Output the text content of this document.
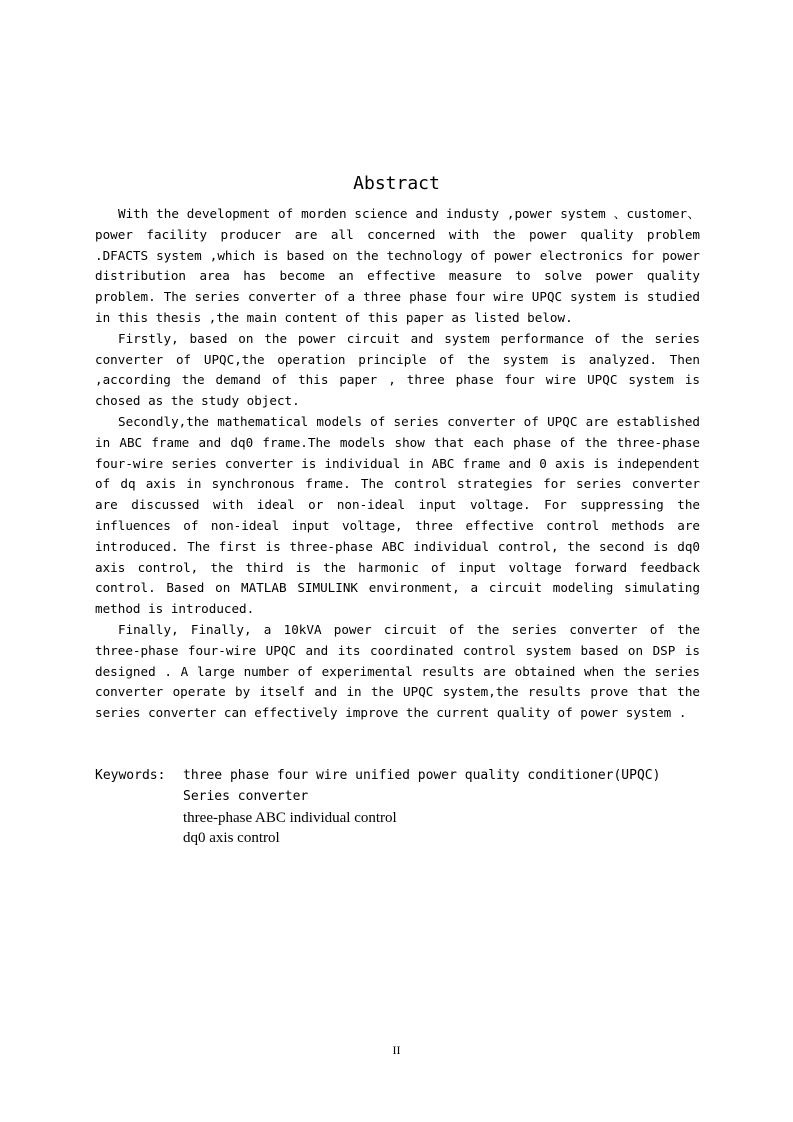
Abstract

With the development of morden science and industy ,power system 、customer、power facility producer are all concerned with the power quality problem .DFACTS system ,which is based on the technology of power electronics for power distribution area has become an effective measure to solve power quality problem. The series converter of a three phase four wire UPQC system is studied in this thesis ,the main content of this paper as listed below.

Firstly, based on the power circuit and system performance of the series converter of UPQC,the operation principle of the system is analyzed. Then ,according the demand of this paper , three phase four wire UPQC system is chosed as the study object.

Secondly,the mathematical models of series converter of UPQC are established in ABC frame and dq0 frame.The models show that each phase of the three-phase four-wire series converter is individual in ABC frame and 0 axis is independent of dq axis in synchronous frame. The control strategies for series converter are discussed with ideal or non-ideal input voltage. For suppressing the influences of non-ideal input voltage, three effective control methods are introduced. The first is three-phase ABC individual control, the second is dq0 axis control, the third is the harmonic of input voltage forward feedback control. Based on MATLAB SIMULINK environment, a circuit modeling simulating method is introduced.

Finally, Finally, a 10kVA power circuit of the series converter of the three-phase four-wire UPQC and its coordinated control system based on DSP is designed . A large number of experimental results are obtained when the series converter operate by itself and in the UPQC system,the results prove that the series converter can effectively improve the current quality of power system .

Keywords:	three phase four wire unified power quality conditioner(UPQC)
Series converter
three-phase ABC individual control
dq0 axis control
II
